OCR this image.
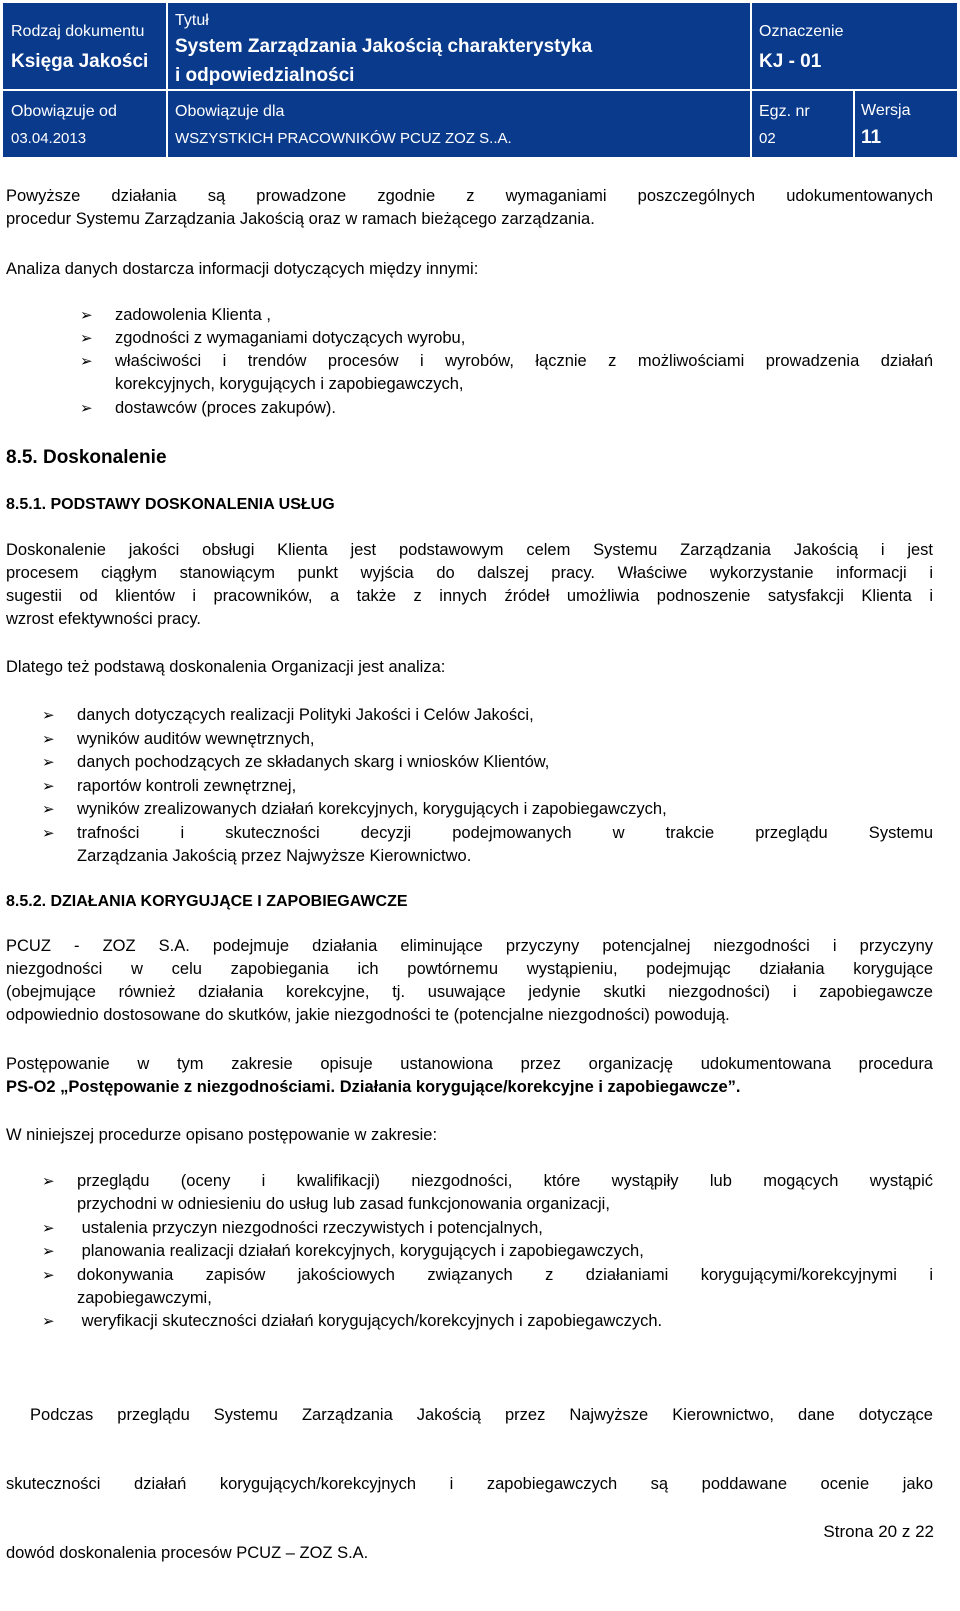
Rodzaj dokumentu
Księga Jakości
Tytuł
System Zarządzania Jakością charakterystyka
i odpowiedzialności
Oznaczenie
KJ - 01
Obowiązuje od
03.04.2013
Obowiązuje dla
WSZYSTKICH PRACOWNIKÓW PCUZ ZOZ S..A.
Egz. nr
02
Wersja
11
Powyższe działania są prowadzone zgodnie z wymaganiami poszczególnych udokumentowanych
procedur Systemu Zarządzania Jakością oraz w ramach bieżącego zarządzania.
Analiza danych dostarcza informacji dotyczących między innymi:
➢ zadowolenia Klienta ,
➢ zgodności z wymaganiami dotyczących wyrobu,
➢ właściwości i trendów procesów i wyrobów, łącznie z możliwościami prowadzenia działań
korekcyjnych, korygujących i zapobiegawczych,
➢ dostawców (proces zakupów).
8.5. Doskonalenie
8.5.1. PODSTAWY DOSKONALENIA USŁUG
Doskonalenie jakości obsługi Klienta jest podstawowym celem Systemu Zarządzania Jakością i jest
procesem ciągłym stanowiącym punkt wyjścia do dalszej pracy. Właściwe wykorzystanie informacji i
sugestii od klientów i pracowników, a także z innych źródeł umożliwia podnoszenie satysfakcji Klienta i
wzrost efektywności pracy.
Dlatego też podstawą doskonalenia Organizacji jest analiza:
➢ danych dotyczących realizacji Polityki Jakości i Celów Jakości,
➢ wyników auditów wewnętrznych,
➢ danych pochodzących ze składanych skarg i wniosków Klientów,
➢ raportów kontroli zewnętrznej,
➢ wyników zrealizowanych działań korekcyjnych, korygujących i zapobiegawczych,
➢ trafności i skuteczności decyzji podejmowanych w trakcie przeglądu Systemu
Zarządzania Jakością przez Najwyższe Kierownictwo.
8.5.2. DZIAŁANIA KORYGUJĄCE I ZAPOBIEGAWCZE
PCUZ - ZOZ S.A. podejmuje działania eliminujące przyczyny potencjalnej niezgodności i przyczyny
niezgodności w celu zapobiegania ich powtórnemu wystąpieniu, podejmując działania korygujące
(obejmujące również działania korekcyjne, tj. usuwające jedynie skutki niezgodności) i zapobiegawcze
odpowiednio dostosowane do skutków, jakie niezgodności te (potencjalne niezgodności) powodują.
Postępowanie w tym zakresie opisuje ustanowiona przez organizację udokumentowana procedura
PS-O2 „Postępowanie z niezgodnościami. Działania korygujące/korekcyjne i zapobiegawcze”.
W niniejszej procedurze opisano postępowanie w zakresie:
➢ przeglądu (oceny i kwalifikacji) niezgodności, które wystąpiły lub mogących wystąpić
przychodni w odniesieniu do usług lub zasad funkcjonowania organizacji,
➢ ustalenia przyczyn niezgodności rzeczywistych i potencjalnych,
➢ planowania realizacji działań korekcyjnych, korygujących i zapobiegawczych,
➢ dokonywania zapisów jakościowych związanych z działaniami korygującymi/korekcyjnymi i
zapobiegawczymi,
➢ weryfikacji skuteczności działań korygujących/korekcyjnych i zapobiegawczych.

Podczas przeglądu Systemu Zarządzania Jakością przez Najwyższe Kierownictwo, dane dotyczące

skuteczności  działań  korygujących/korekcyjnych  i  zapobiegawczych  są  poddawane  ocenie  jako

dowód doskonalenia procesów PCUZ – ZOZ S.A.

Strona 20 z 22
